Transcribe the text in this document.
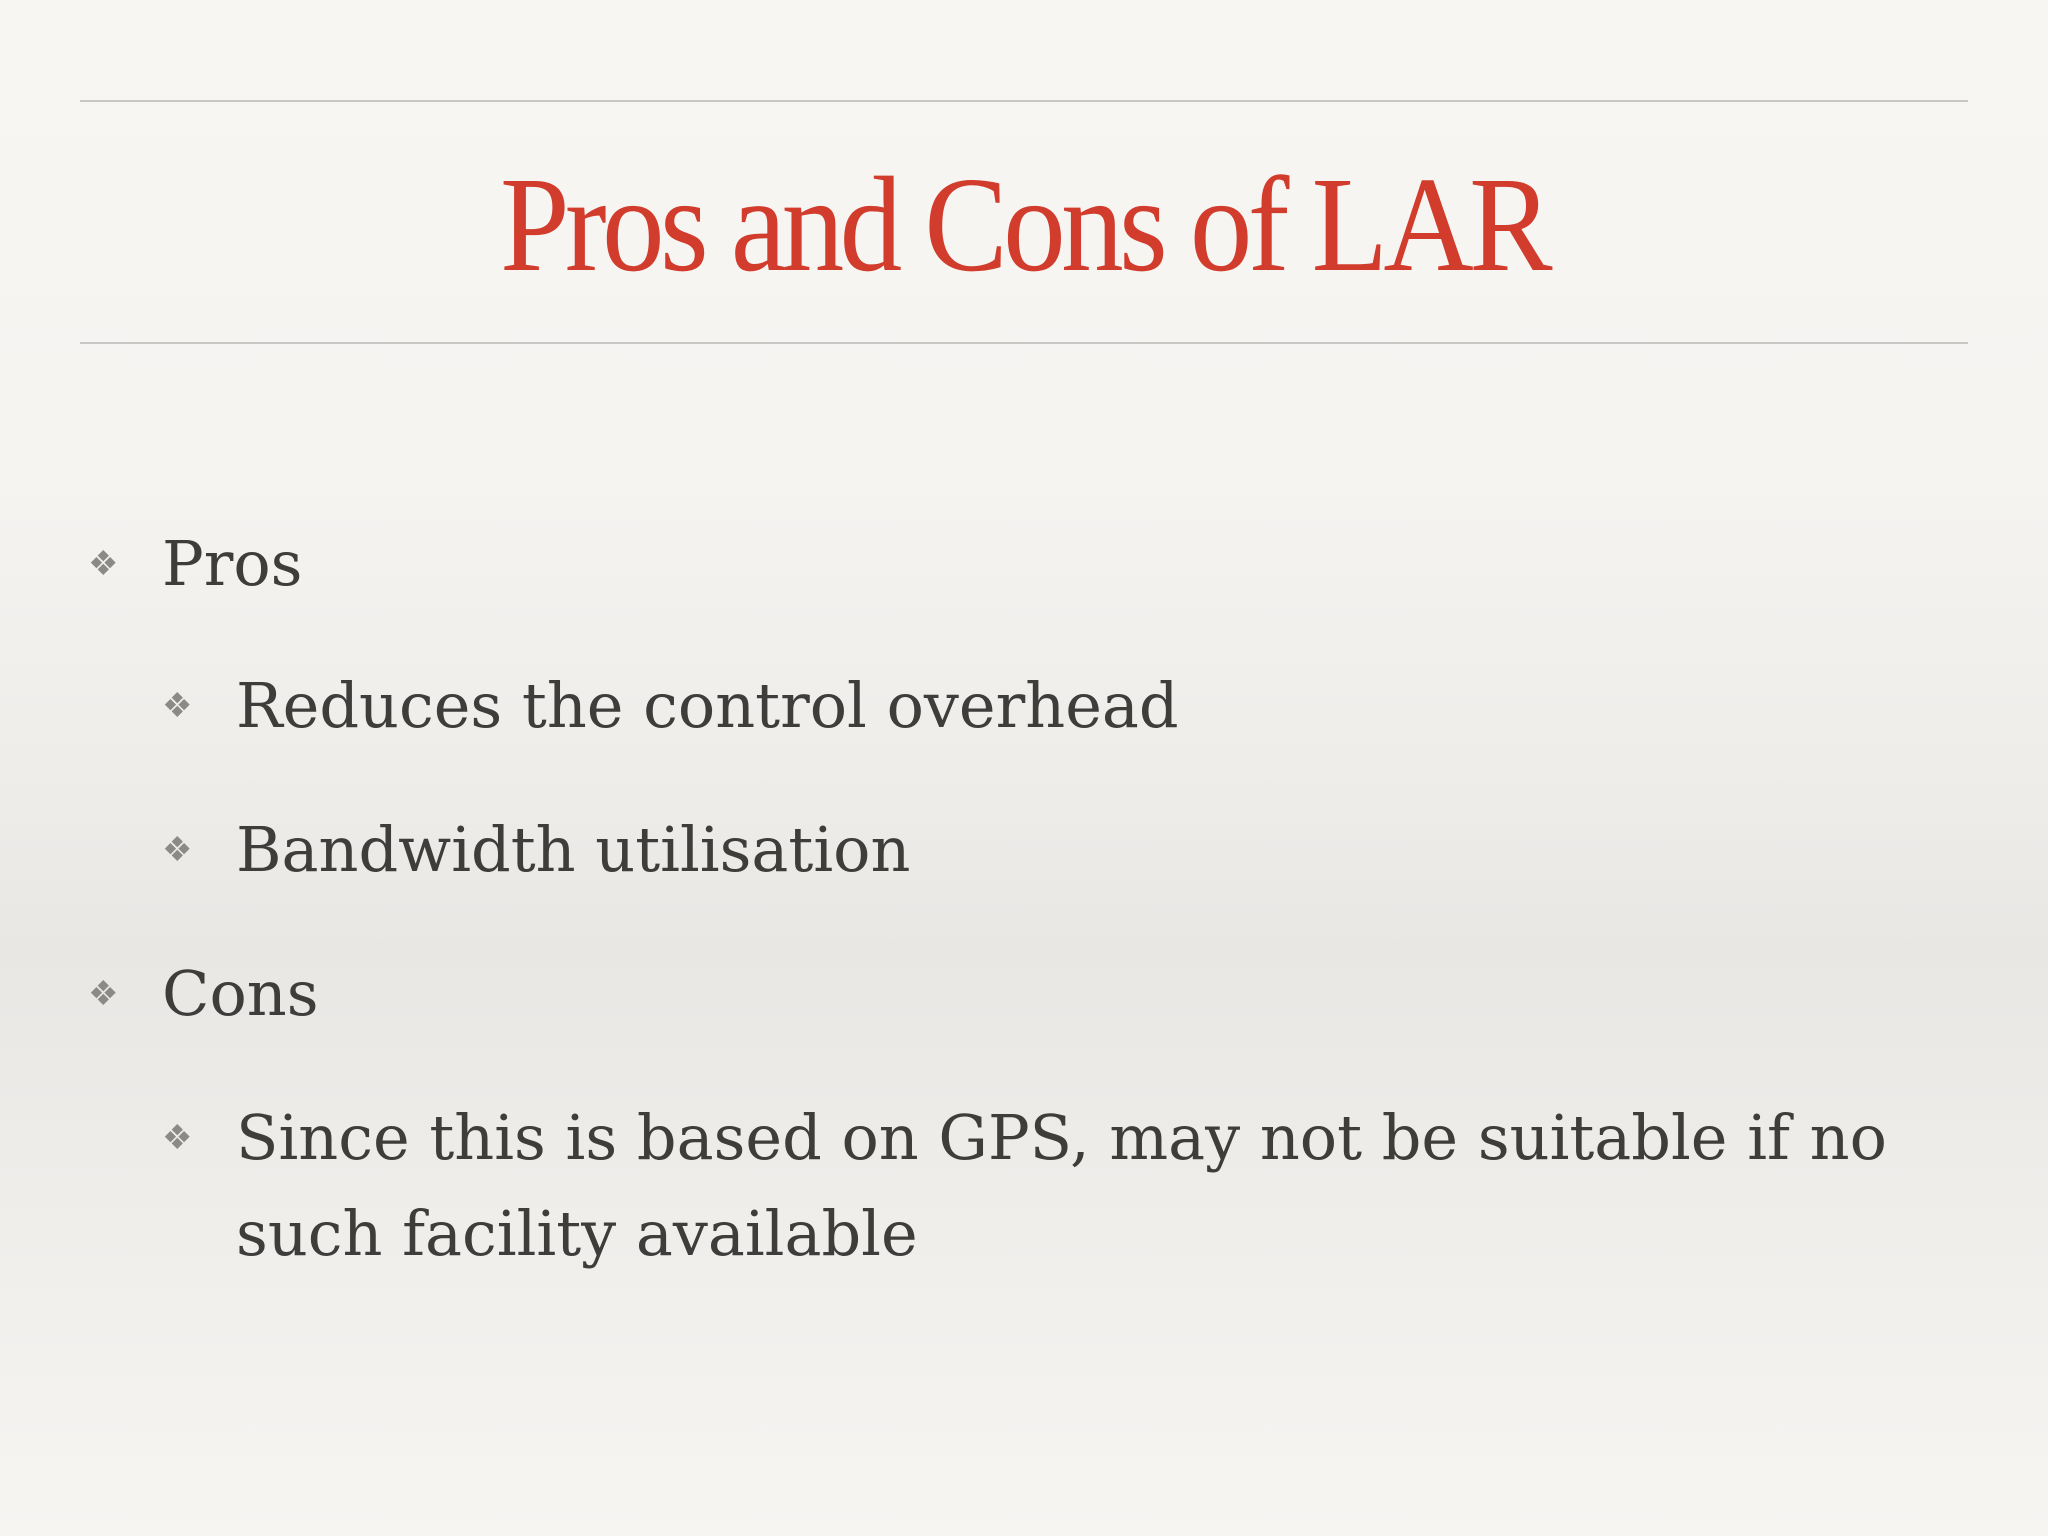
Pros and Cons of LAR
❖ Pros
❖ Reduces the control overhead
❖ Bandwidth utilisation
❖ Cons
❖ Since this is based on GPS, may not be suitable if no such facility available
